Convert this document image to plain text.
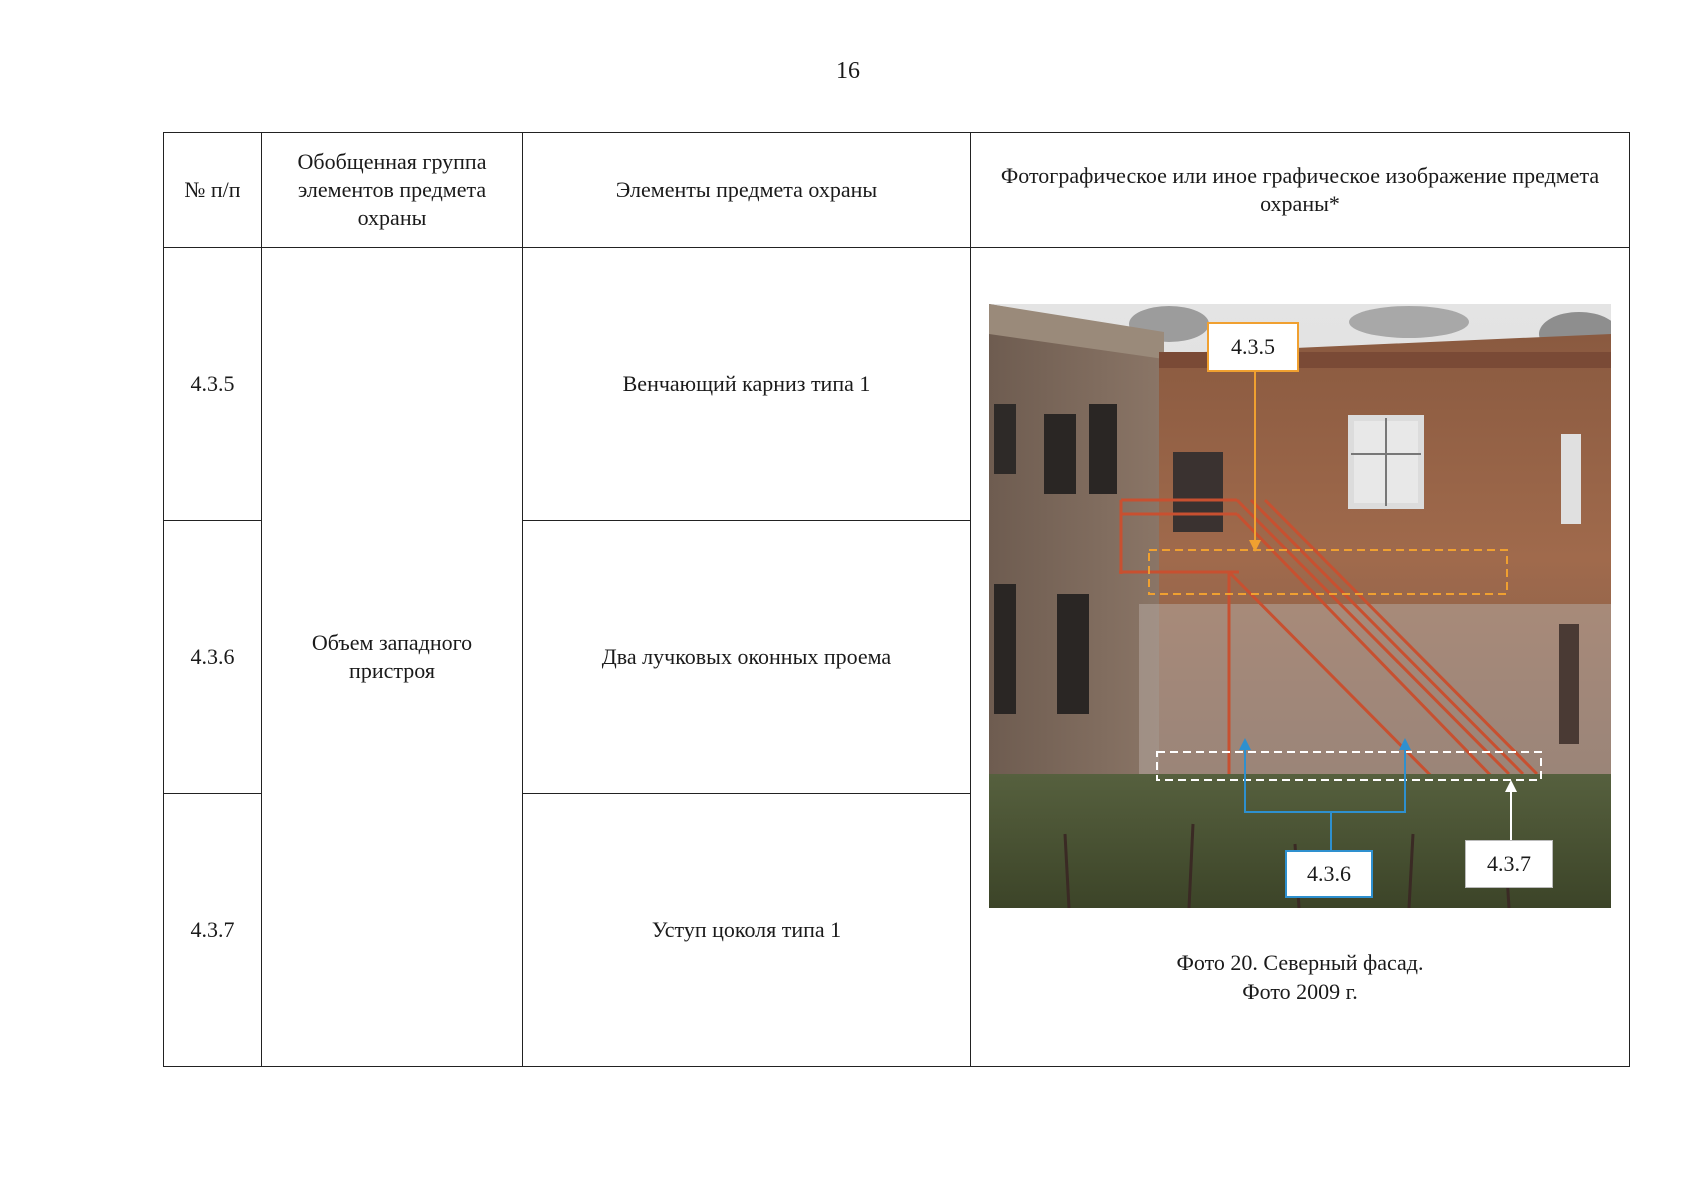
16
№ п/п	Обобщенная группа элементов предмета охраны	Элементы предмета охраны	Фотографическое или иное графическое изображение предмета охраны*
4.3.5	Объем западного пристроя	Венчающий карниз типа 1	4.3.5
4.3.6 4.3.7
Фото 20. Северный фасад.
Фото 2009 г.

4.3.6		Два лучковых оконных проема	
4.3.7		Уступ цоколя типа 1	
